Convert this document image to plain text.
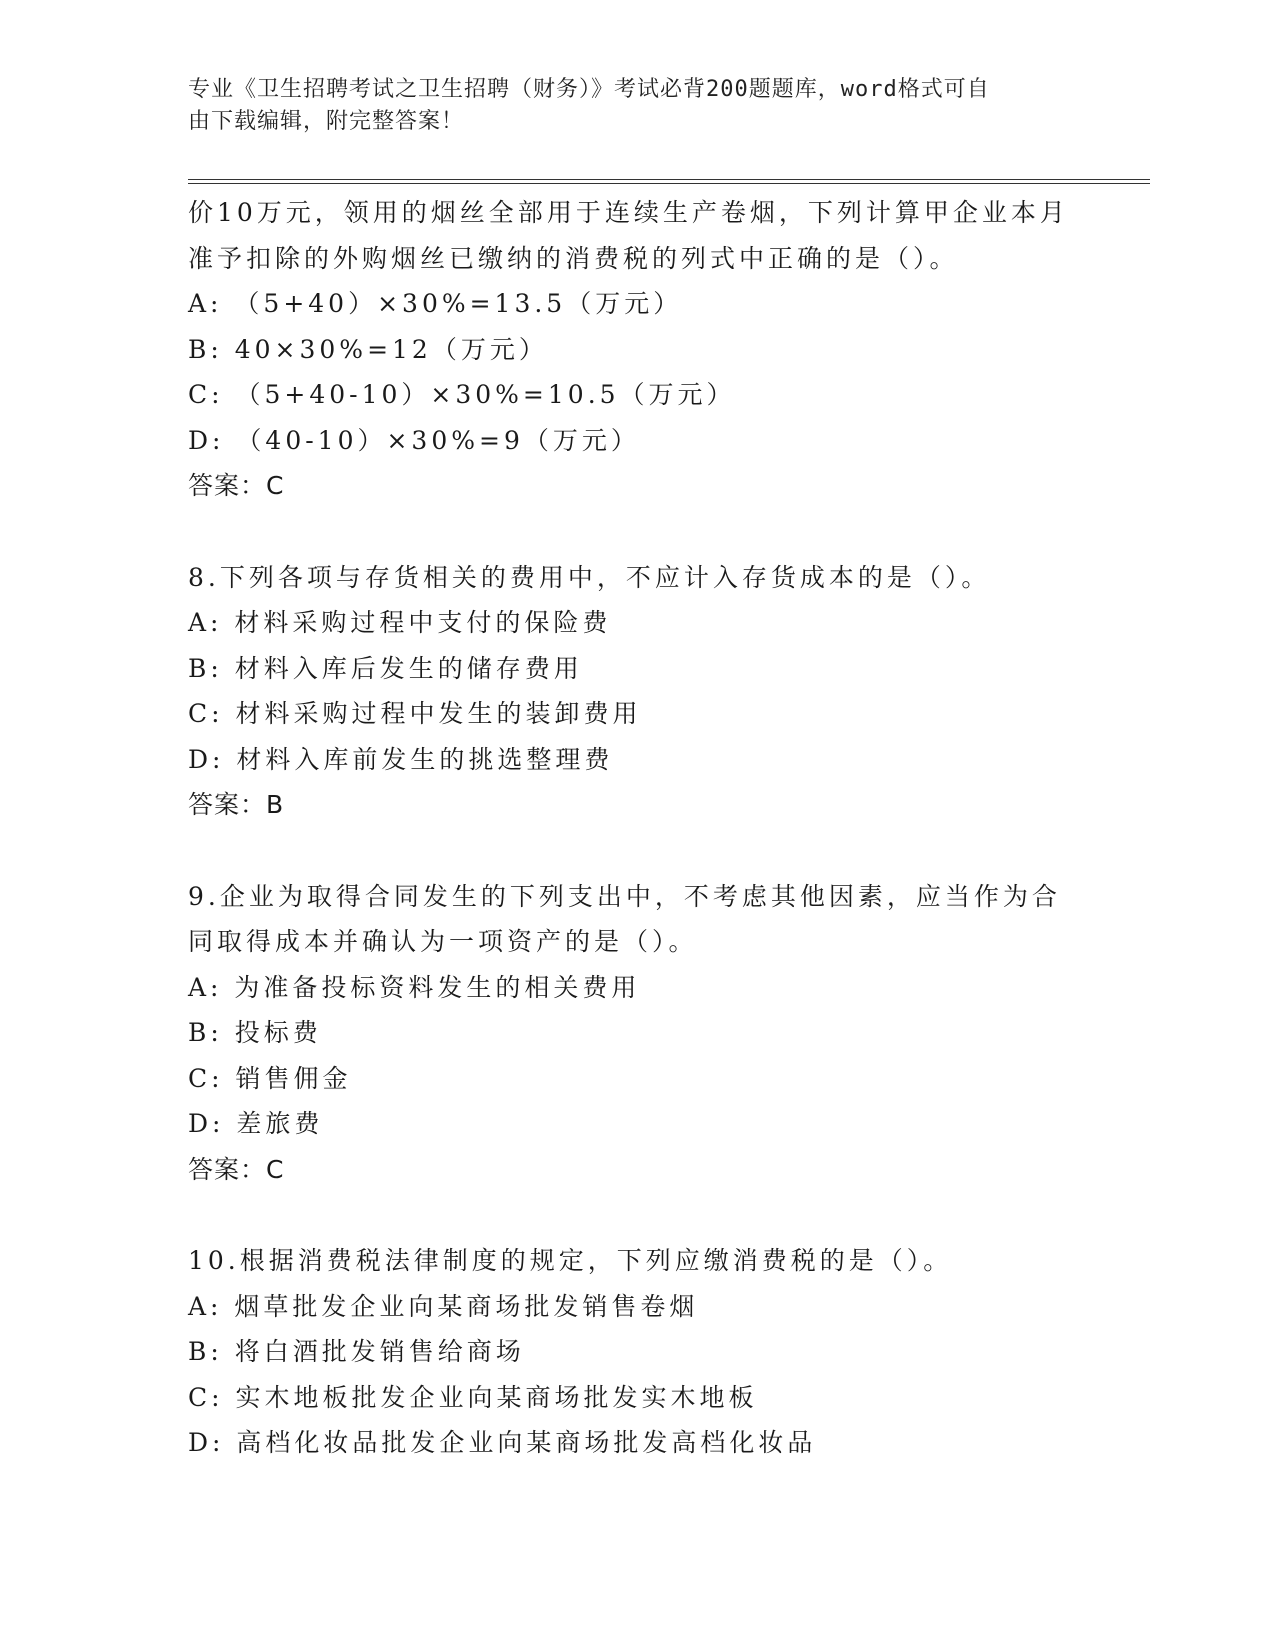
专业《卫生招聘考试之卫生招聘（财务）》考试必背200题题库，word格式可自
由下载编辑，附完整答案！

价10万元，领用的烟丝全部用于连续生产卷烟，下列计算甲企业本月

准予扣除的外购烟丝已缴纳的消费税的列式中正确的是（）。

A: （5+40）×30%=13.5（万元）

B: 40×30%=12（万元）

C: （5+40-10）×30%=10.5（万元）

D: （40-10）×30%=9（万元）

答案：C

8.下列各项与存货相关的费用中，不应计入存货成本的是（）。

A: 材料采购过程中支付的保险费

B: 材料入库后发生的储存费用

C: 材料采购过程中发生的装卸费用

D: 材料入库前发生的挑选整理费

答案：B

9.企业为取得合同发生的下列支出中，不考虑其他因素，应当作为合

同取得成本并确认为一项资产的是（）。

A: 为准备投标资料发生的相关费用

B: 投标费

C: 销售佣金

D: 差旅费

答案：C

10.根据消费税法律制度的规定，下列应缴消费税的是（）。

A: 烟草批发企业向某商场批发销售卷烟

B: 将白酒批发销售给商场

C: 实木地板批发企业向某商场批发实木地板

D: 高档化妆品批发企业向某商场批发高档化妆品
